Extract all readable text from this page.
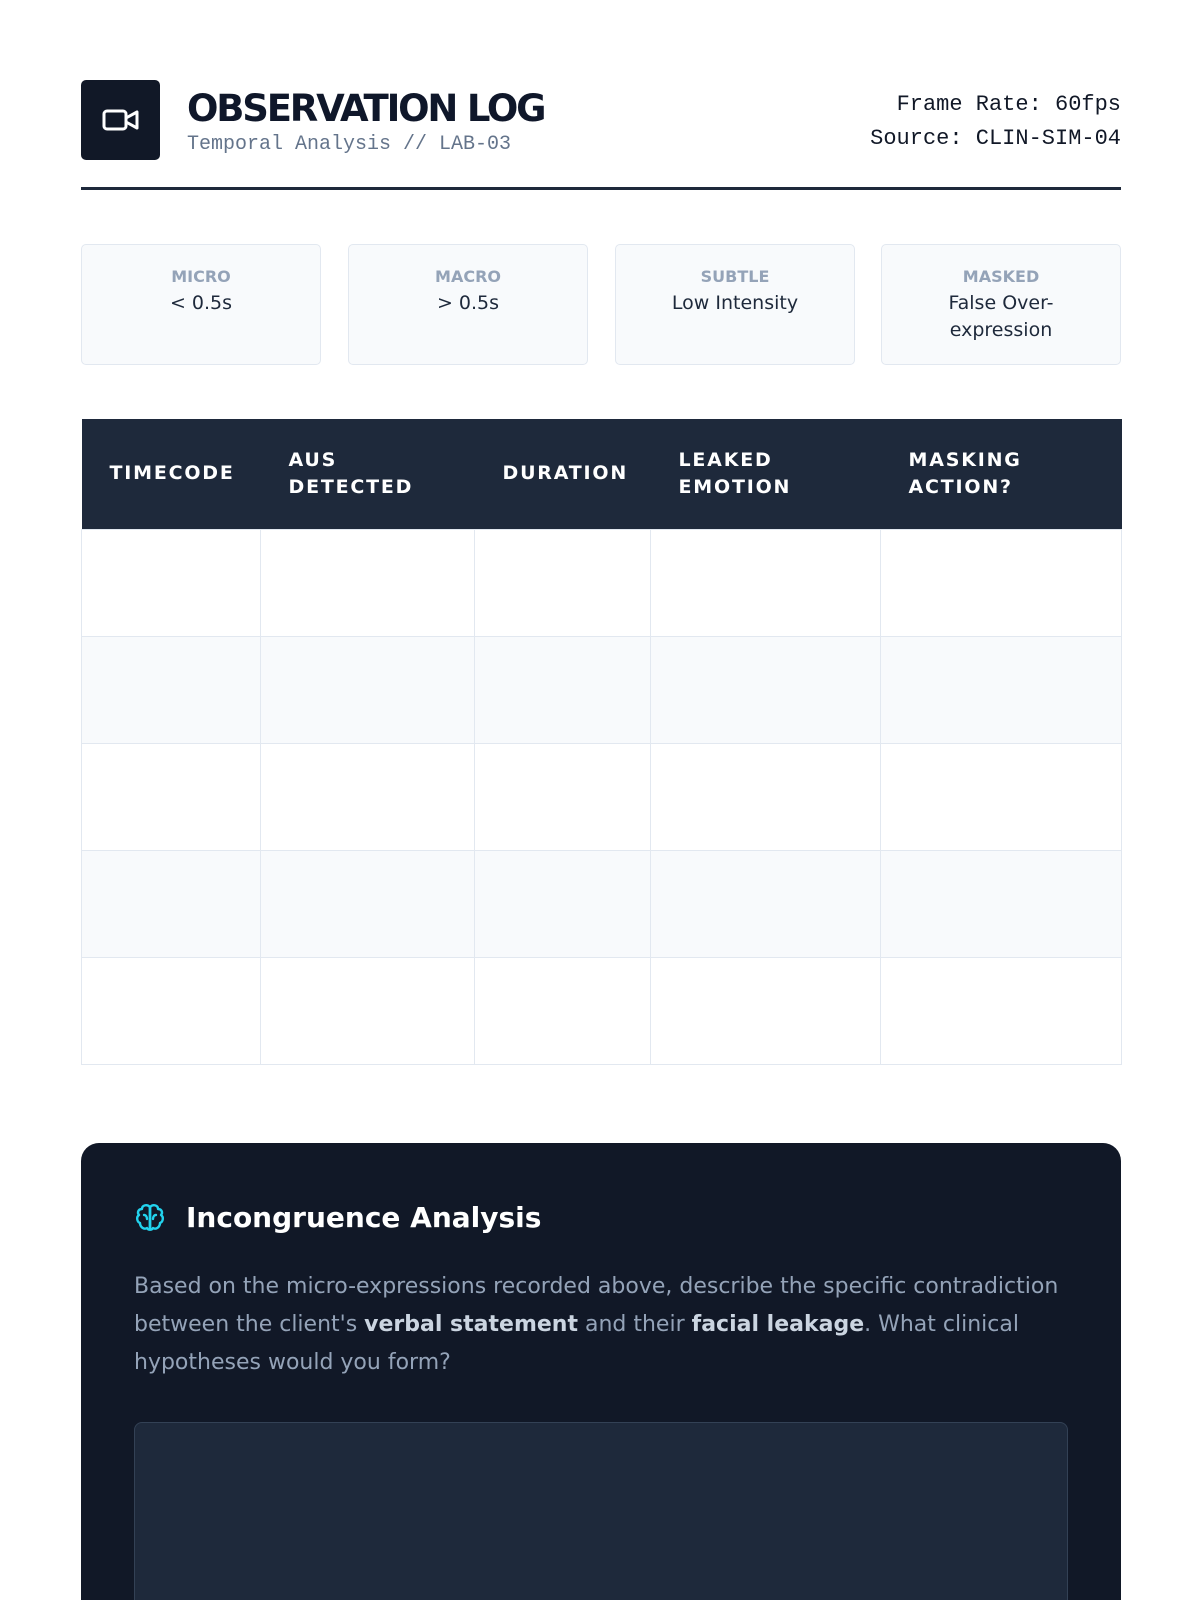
OBSERVATION LOG
Temporal Analysis // LAB-03
Frame Rate: 60fps
Source: CLIN-SIM-04
MICRO
< 0.5s
MACRO
> 0.5s
SUBTLE
Low Intensity
MASKED
False Over-expression
TIMECODE	AUS DETECTED	DURATION	LEAKED EMOTION	MASKING ACTION?

Incongruence Analysis

Based on the micro-expressions recorded above, describe the specific contradiction between the client's verbal statement and their facial leakage. What clinical hypotheses would you form?
